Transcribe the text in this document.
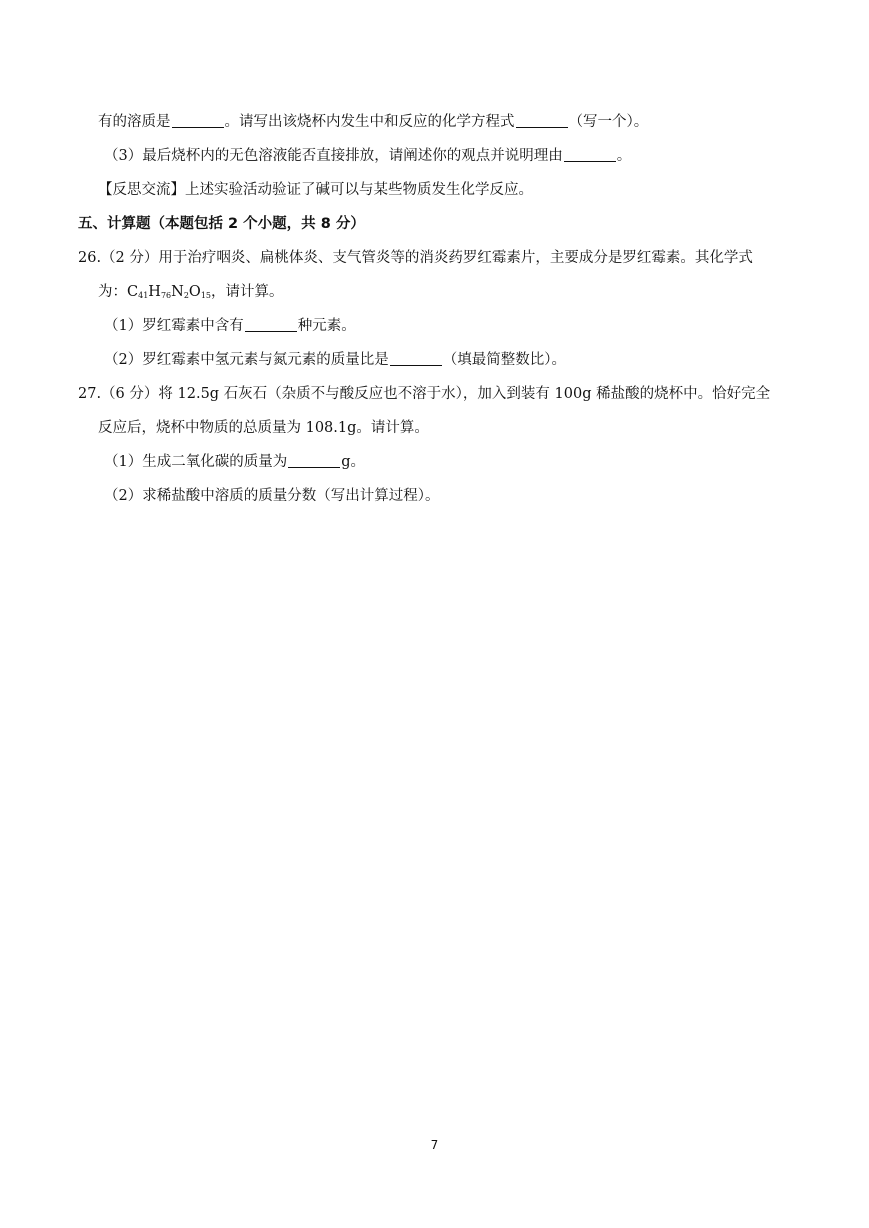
有的溶质是	。请写出该烧杯内发生中和反应的化学方程式	（写一个）。
（3）最后烧杯内的无色溶液能否直接排放，请阐述你的观点并说明理由	。
【反思交流】上述实验活动验证了碱可以与某些物质发生化学反应。
五、计算题（本题包括 2 个小题，共 8 分）
26.（2 分）用于治疗咽炎、扁桃体炎、支气管炎等的消炎药罗红霉素片，主要成分是罗红霉素。其化学式
为：$C_{41}H_{76}N_2O_{15}$，请计算。
（1）罗红霉素中含有	种元素。
（2）罗红霉素中氢元素与氮元素的质量比是	（填最简整数比）。
27.（6 分）将 12.5g 石灰石（杂质不与酸反应也不溶于水），加入到装有 100g 稀盐酸的烧杯中。恰好完全
反应后，烧杯中物质的总质量为 108.1g。请计算。
（1）生成二氧化碳的质量为	g。
（2）求稀盐酸中溶质的质量分数（写出计算过程）。
7
